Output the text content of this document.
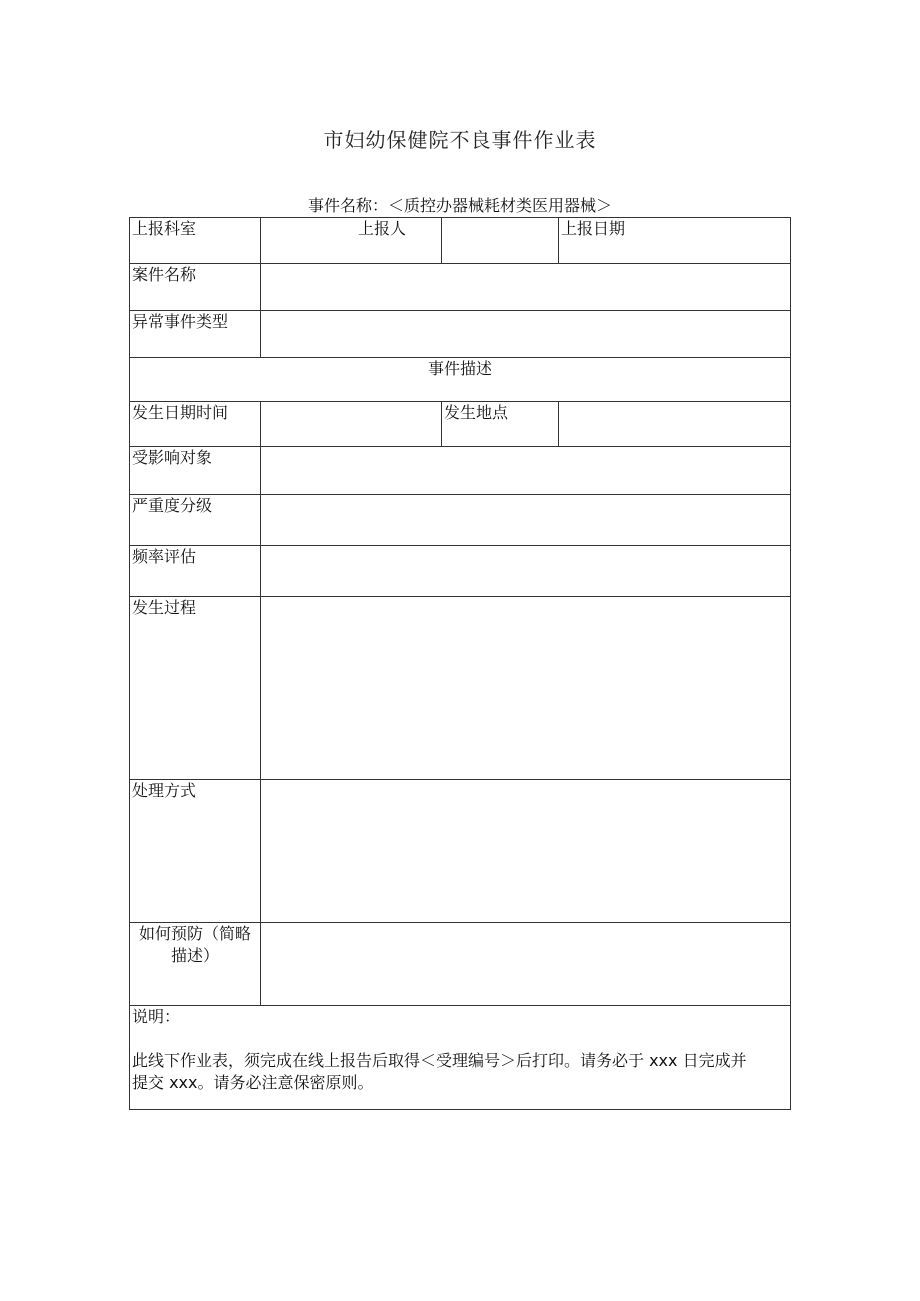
市妇幼保健院不良事件作业表
事件名称：＜质控办器械耗材类医用器械＞
上报科室	上报人		上报日期
案件名称			
异常事件类型			
事件描述			
发生日期时间		发生地点	
受影响对象			
严重度分级			
频率评估			
发生过程			
处理方式			

如何预防（简略
描述）			

说明：
此线下作业表，须完成在线上报告后取得＜受理编号＞后打印。请务必于 xxx 日完成并
提交 xxx。请务必注意保密原则。			
